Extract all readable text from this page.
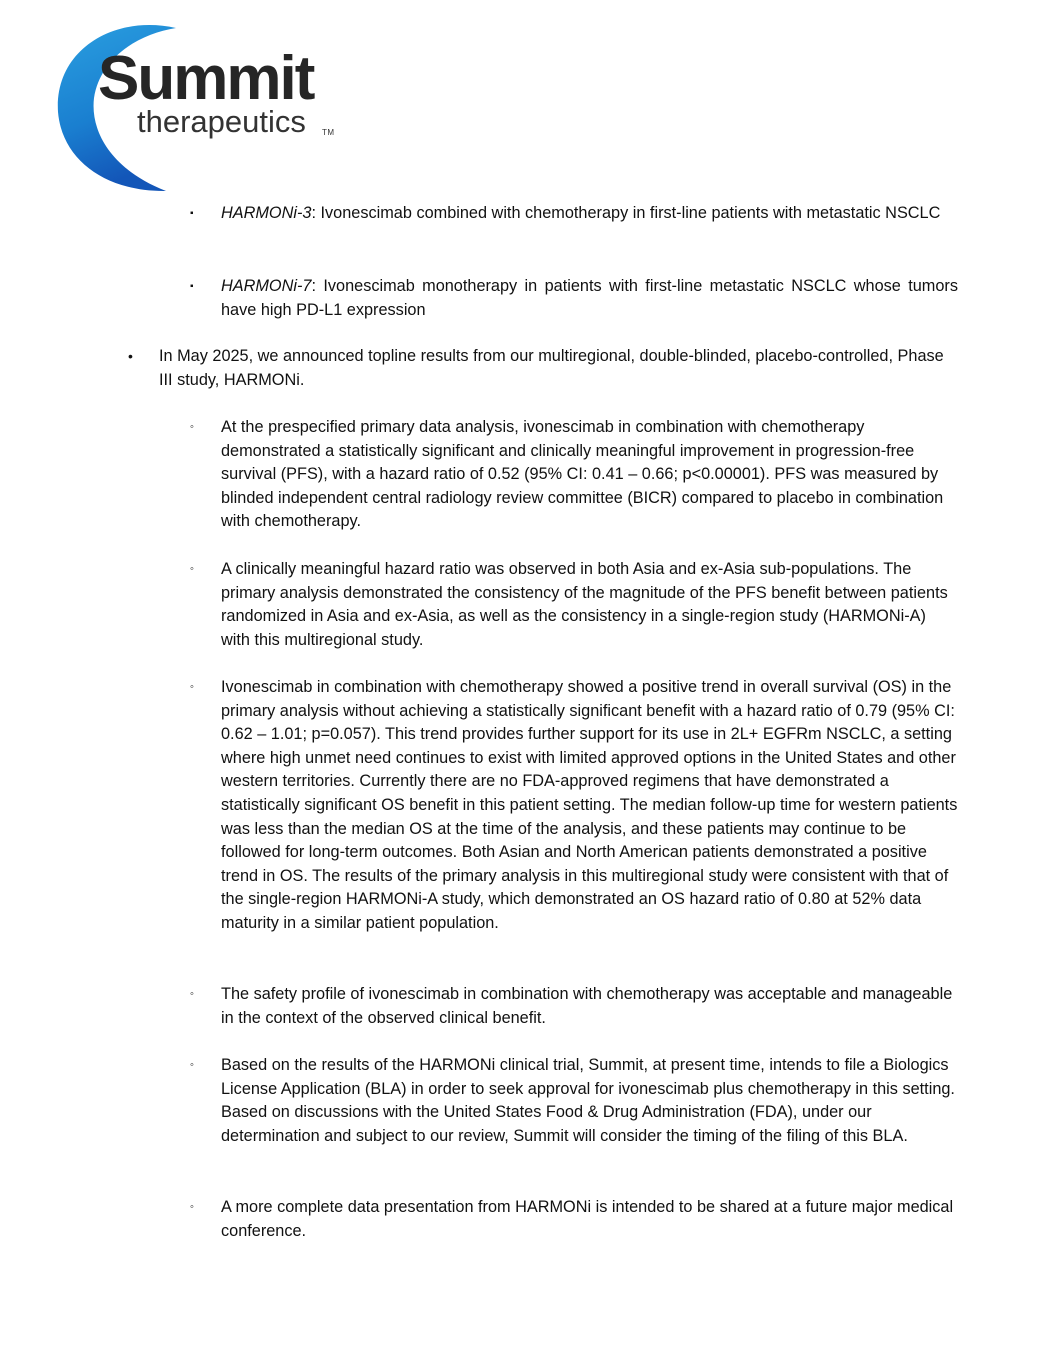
Summit
therapeutics TM
▪ HARMONi-3: Ivonescimab combined with chemotherapy in first-line patients with metastatic NSCLC
▪ HARMONi-7: Ivonescimab monotherapy in patients with first-line metastatic NSCLC whose tumors have high PD-L1 expression
• In May 2025, we announced topline results from our multiregional, double-blinded, placebo-controlled, Phase III study, HARMONi.
◦ At the prespecified primary data analysis, ivonescimab in combination with chemotherapy demonstrated a statistically significant and clinically meaningful improvement in progression-free survival (PFS), with a hazard ratio of 0.52 (95% CI: 0.41 – 0.66; p<0.00001). PFS was measured by blinded independent central radiology review committee (BICR) compared to placebo in combination with chemotherapy.
◦ A clinically meaningful hazard ratio was observed in both Asia and ex-Asia sub-populations. The primary analysis demonstrated the consistency of the magnitude of the PFS benefit between patients randomized in Asia and ex-Asia, as well as the consistency in a single-region study (HARMONi-A) with this multiregional study.
◦ Ivonescimab in combination with chemotherapy showed a positive trend in overall survival (OS) in the primary analysis without achieving a statistically significant benefit with a hazard ratio of 0.79 (95% CI: 0.62 – 1.01; p=0.057). This trend provides further support for its use in 2L+ EGFRm NSCLC, a setting where high unmet need continues to exist with limited approved options in the United States and other western territories. Currently there are no FDA-approved regimens that have demonstrated a statistically significant OS benefit in this patient setting. The median follow-up time for western patients was less than the median OS at the time of the analysis, and these patients may continue to be followed for long-term outcomes. Both Asian and North American patients demonstrated a positive trend in OS. The results of the primary analysis in this multiregional study were consistent with that of the single-region HARMONi-A study, which demonstrated an OS hazard ratio of 0.80 at 52% data maturity in a similar patient population.
◦ The safety profile of ivonescimab in combination with chemotherapy was acceptable and manageable in the context of the observed clinical benefit.
◦ Based on the results of the HARMONi clinical trial, Summit, at present time, intends to file a Biologics License Application (BLA) in order to seek approval for ivonescimab plus chemotherapy in this setting. Based on discussions with the United States Food & Drug Administration (FDA), under our determination and subject to our review, Summit will consider the timing of the filing of this BLA.
◦ A more complete data presentation from HARMONi is intended to be shared at a future major medical conference.
